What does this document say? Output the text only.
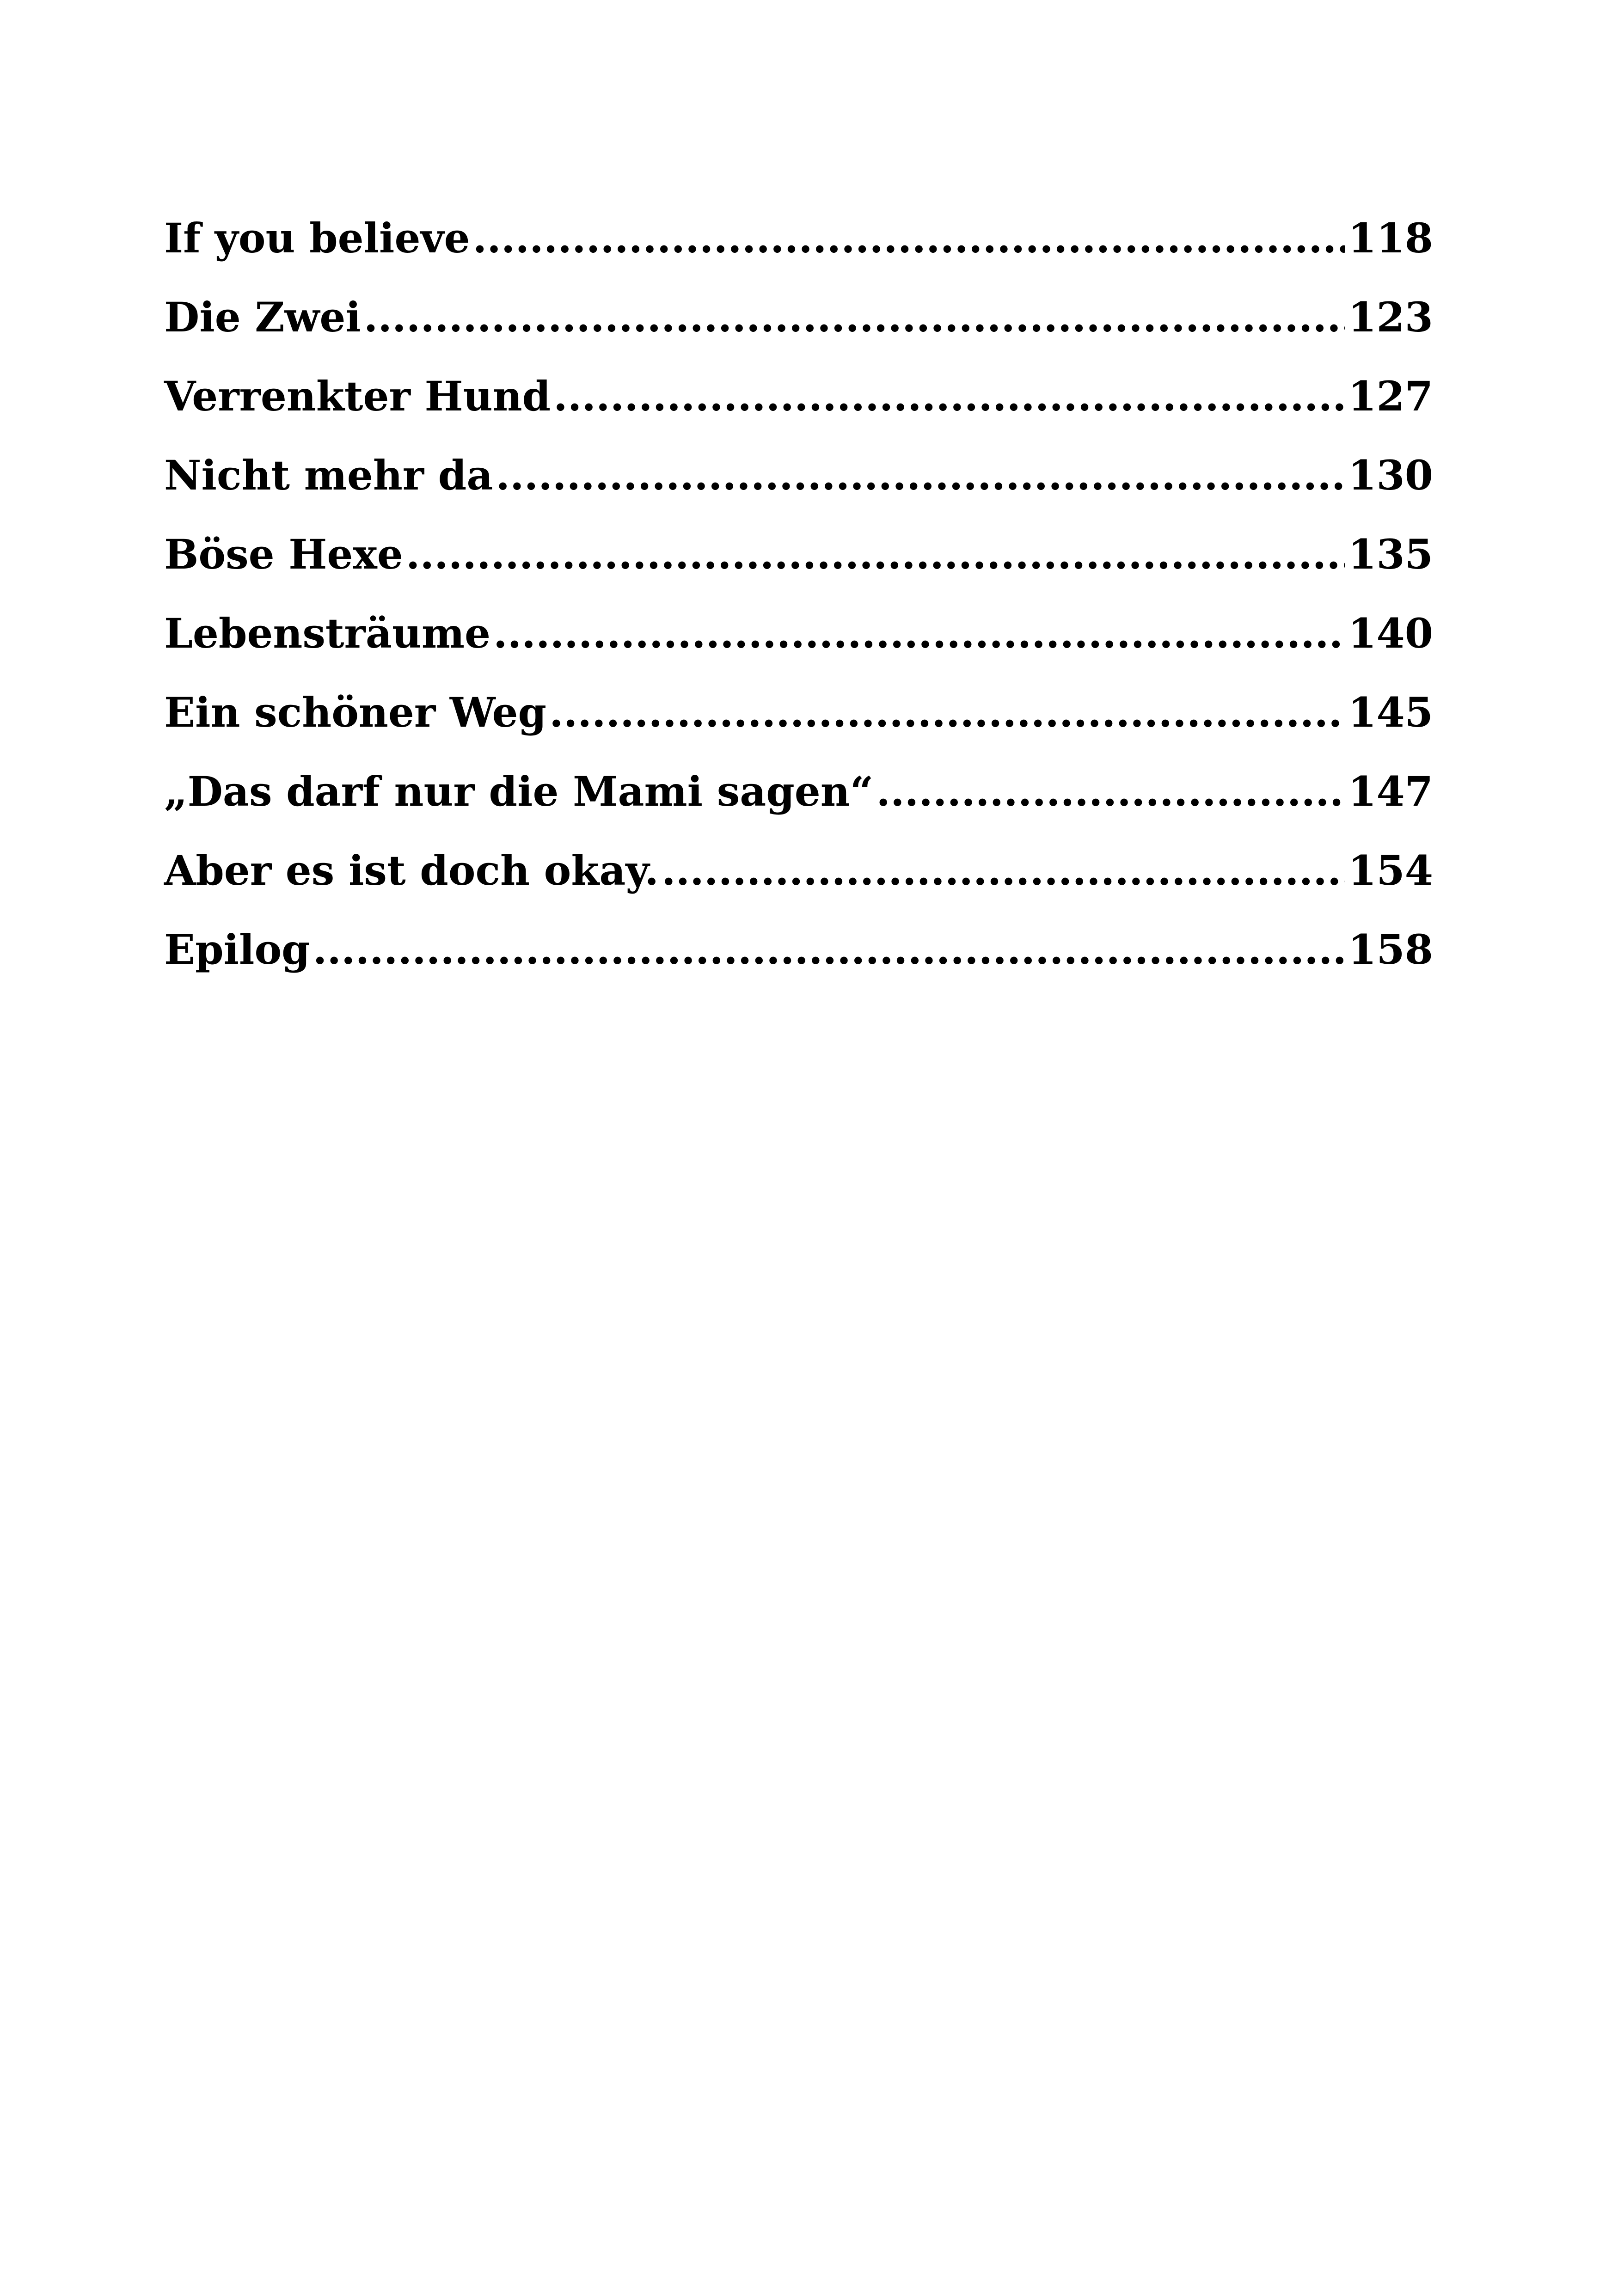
If you believe .....	118
Die Zwei .....	123
Verrenkter Hund .....	127
Nicht mehr da .....	130
Böse Hexe .....	135
Lebensträume .....	140
Ein schöner Weg .....	145
„Das darf nur die Mami sagen“ .....	147
Aber es ist doch okay. .....	154
Epilog .....	158
